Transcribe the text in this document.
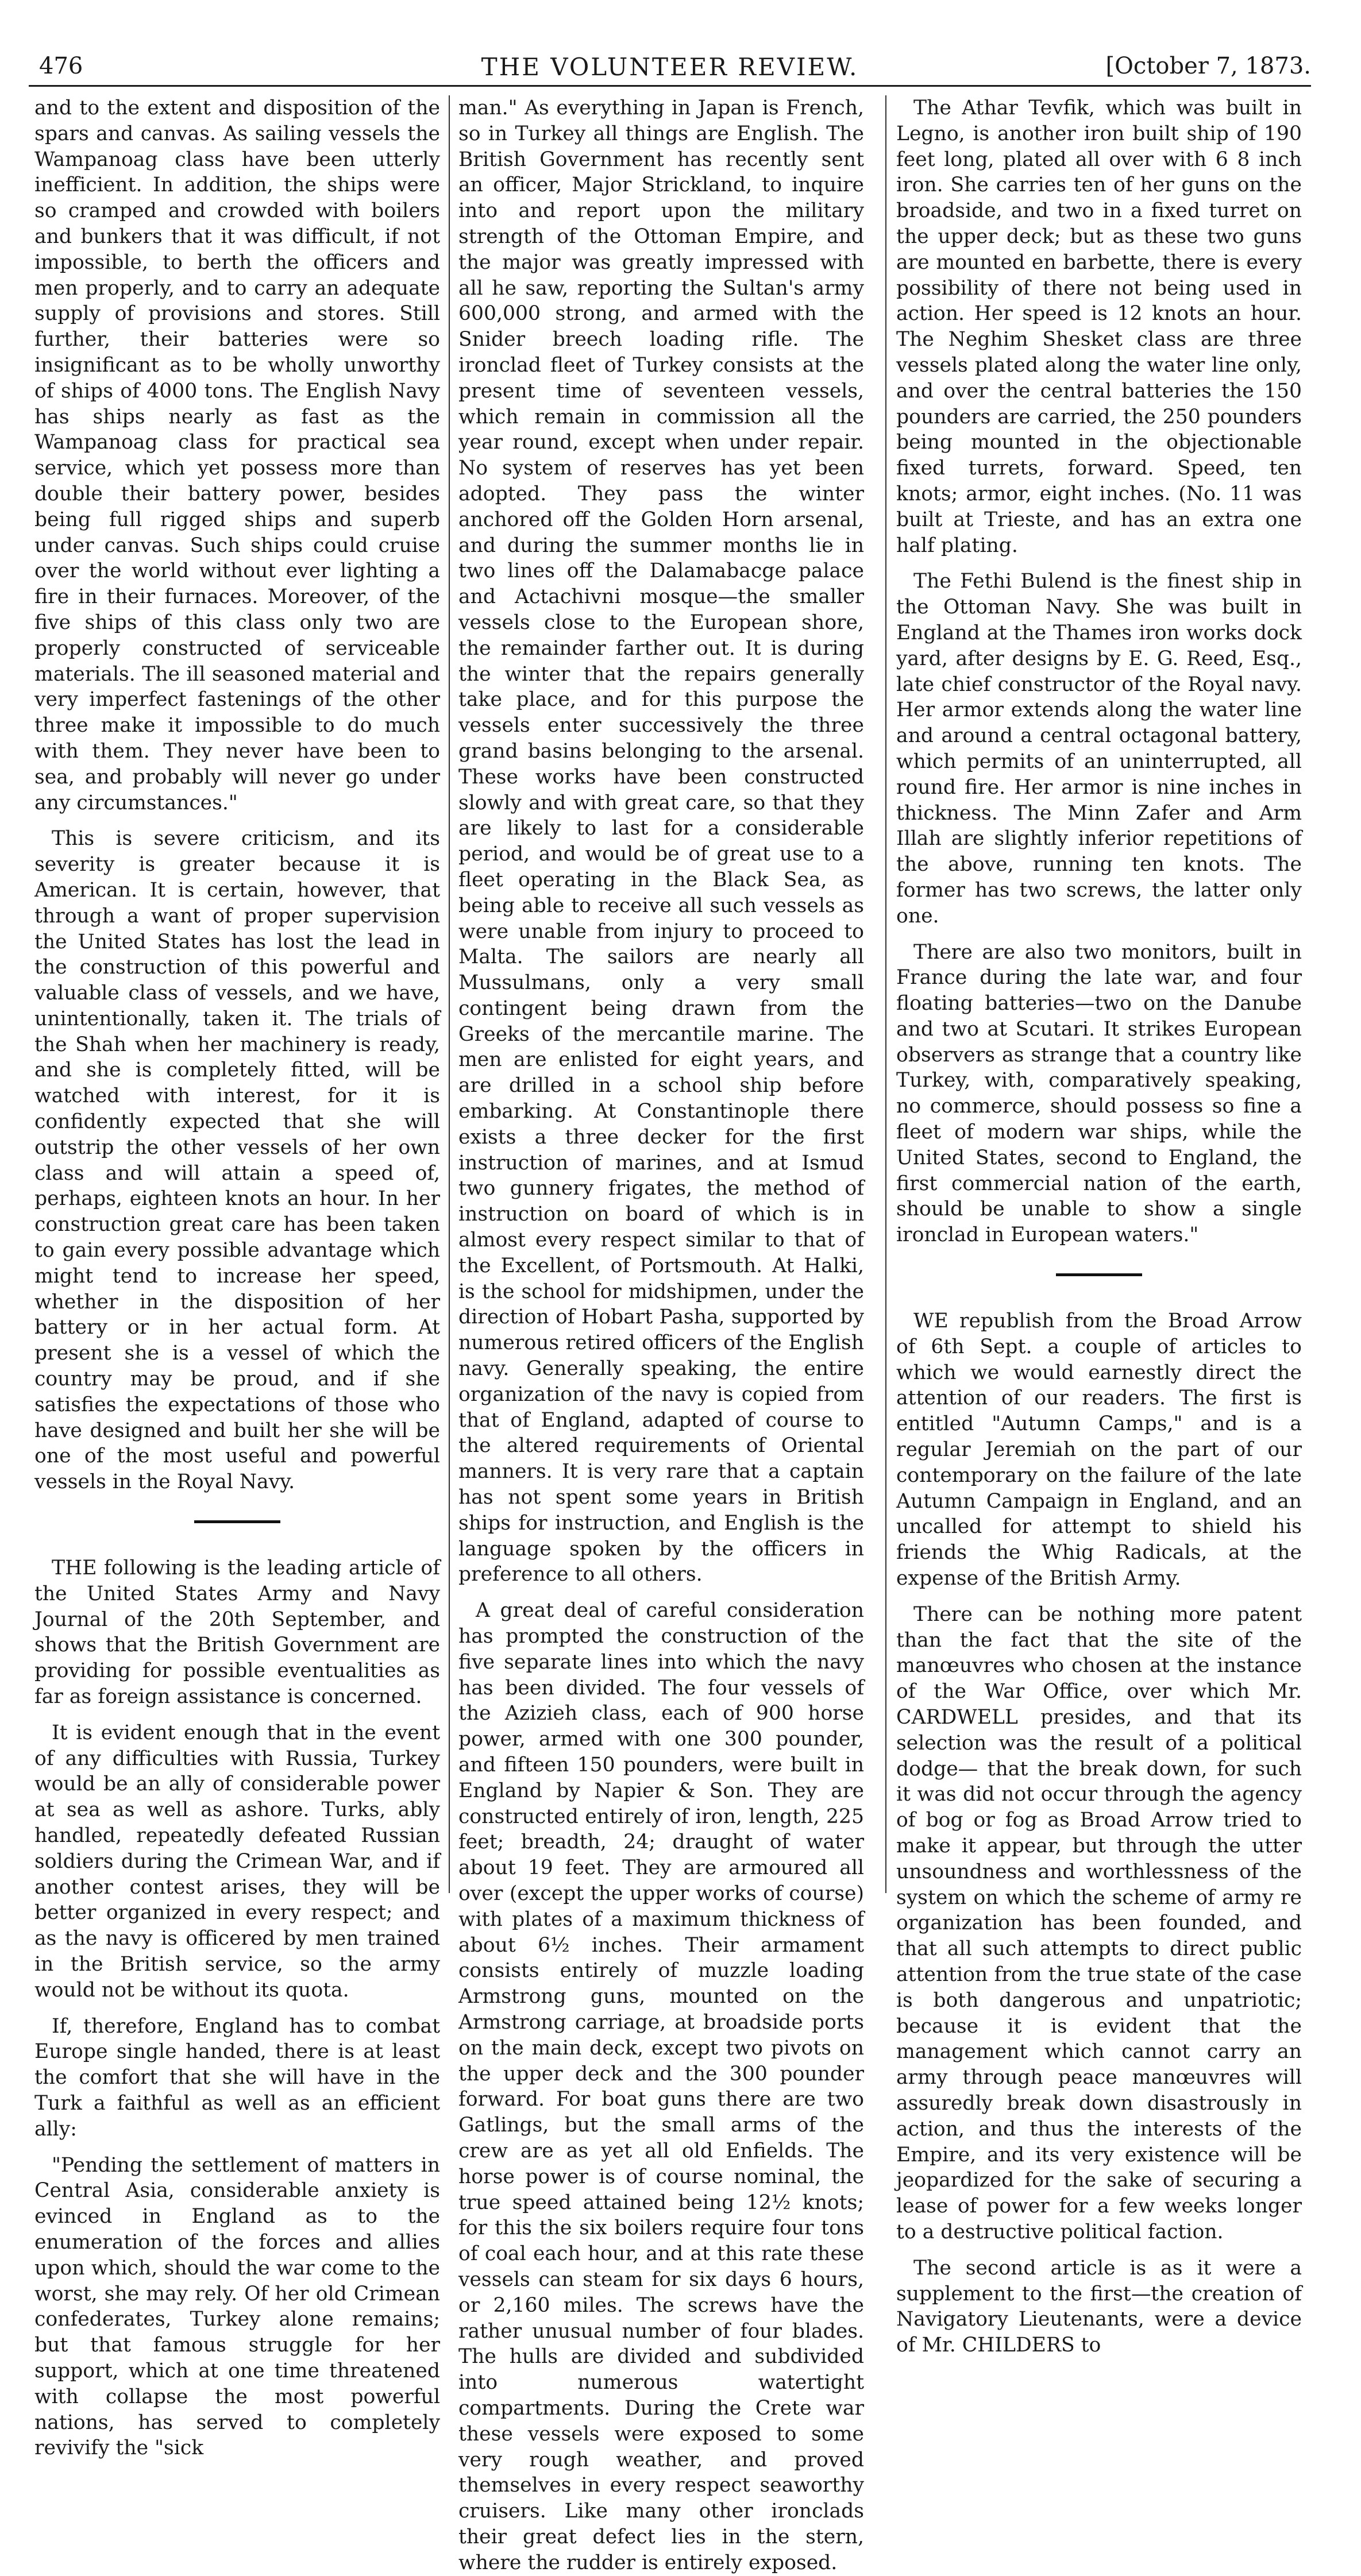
476	THE VOLUNTEER REVIEW.	[October 7, 1873.

and to the extent and disposition of the spars and canvas. As sailing vessels the Wampanoag class have been utterly inefficient. In addition, the ships were so cramped and crowded with boilers and bunkers that it was difficult, if not impossible, to berth the officers and men properly, and to carry an adequate supply of provisions and stores. Still further, their batteries were so insignificant as to be wholly unworthy of ships of 4000 tons. The English Navy has ships nearly as fast as the Wampanoag class for practical sea service, which yet possess more than double their battery power, besides being full rigged ships and superb under canvas. Such ships could cruise over the world without ever lighting a fire in their furnaces. Moreover, of the five ships of this class only two are properly constructed of serviceable materials. The ill seasoned material and very imperfect fastenings of the other three make it impossible to do much with them. They never have been to sea, and probably will never go under any circumstances."

This is severe criticism, and its severity is greater because it is American. It is certain, however, that through a want of proper supervision the United States has lost the lead in the construction of this powerful and valuable class of vessels, and we have, unintentionally, taken it. The trials of the Shah when her machinery is ready, and she is completely fitted, will be watched with interest, for it is confidently expected that she will outstrip the other vessels of her own class and will attain a speed of, perhaps, eighteen knots an hour. In her construction great care has been taken to gain every possible advantage which might tend to increase her speed, whether in the disposition of her battery or in her actual form. At present she is a vessel of which the country may be proud, and if she satisfies the expectations of those who have designed and built her she will be one of the most useful and powerful vessels in the Royal Navy.

THE following is the leading article of the United States Army and Navy Journal of the 20th September, and shows that the British Government are providing for possible eventualities as far as foreign assistance is concerned.

It is evident enough that in the event of any difficulties with Russia, Turkey would be an ally of considerable power at sea as well as ashore. Turks, ably handled, repeatedly defeated Russian soldiers during the Crimean War, and if another contest arises, they will be better organized in every respect; and as the navy is officered by men trained in the British service, so the army would not be without its quota.

If, therefore, England has to combat Europe single handed, there is at least the comfort that she will have in the Turk a faithful as well as an efficient ally:

"Pending the settlement of matters in Central Asia, considerable anxiety is evinced in England as to the enumeration of the forces and allies upon which, should the war come to the worst, she may rely. Of her old Crimean confederates, Turkey alone remains; but that famous struggle for her support, which at one time threatened with collapse the most powerful nations, has served to completely revivify the "sick

man." As everything in Japan is French, so in Turkey all things are English. The British Government has recently sent an officer, Major Strickland, to inquire into and report upon the military strength of the Ottoman Empire, and the major was greatly impressed with all he saw, reporting the Sultan's army 600,000 strong, and armed with the Snider breech loading rifle. The ironclad fleet of Turkey consists at the present time of seventeen vessels, which remain in commission all the year round, except when under repair. No system of reserves has yet been adopted. They pass the winter anchored off the Golden Horn arsenal, and during the summer months lie in two lines off the Dalamabacge palace and Actachivni mosque—the smaller vessels close to the European shore, the remainder farther out. It is during the winter that the repairs generally take place, and for this purpose the vessels enter successively the three grand basins belonging to the arsenal. These works have been constructed slowly and with great care, so that they are likely to last for a considerable period, and would be of great use to a fleet operating in the Black Sea, as being able to receive all such vessels as were unable from injury to proceed to Malta. The sailors are nearly all Mussulmans, only a very small contingent being drawn from the Greeks of the mercantile marine. The men are enlisted for eight years, and are drilled in a school ship before embarking. At Constantinople there exists a three decker for the first instruction of marines, and at Ismud two gunnery frigates, the method of instruction on board of which is in almost every respect similar to that of the Excellent, of Portsmouth. At Halki, is the school for midshipmen, under the direction of Hobart Pasha, supported by numerous retired officers of the English navy. Generally speaking, the entire organization of the navy is copied from that of England, adapted of course to the altered requirements of Oriental manners. It is very rare that a captain has not spent some years in British ships for instruction, and English is the language spoken by the officers in preference to all others.

A great deal of careful consideration has prompted the construction of the five separate lines into which the navy has been divided. The four vessels of the Azizieh class, each of 900 horse power, armed with one 300 pounder, and fifteen 150 pounders, were built in England by Napier & Son. They are constructed entirely of iron, length, 225 feet; breadth, 24; draught of water about 19 feet. They are armoured all over (except the upper works of course) with plates of a maximum thickness of about 6½ inches. Their armament consists entirely of muzzle loading Armstrong guns, mounted on the Armstrong carriage, at broadside ports on the main deck, except two pivots on the upper deck and the 300 pounder forward. For boat guns there are two Gatlings, but the small arms of the crew are as yet all old Enfields. The horse power is of course nominal, the true speed attained being 12½ knots; for this the six boilers require four tons of coal each hour, and at this rate these vessels can steam for six days 6 hours, or 2,160 miles. The screws have the rather unusual number of four blades. The hulls are divided and subdivided into numerous watertight compartments. During the Crete war these vessels were exposed to some very rough weather, and proved themselves in every respect seaworthy cruisers. Like many other ironclads their great defect lies in the stern, where the rudder is entirely exposed.

The Athar Tevfik, which was built in Legno, is another iron built ship of 190 feet long, plated all over with 6 8 inch iron. She carries ten of her guns on the broadside, and two in a fixed turret on the upper deck; but as these two guns are mounted en barbette, there is every possibility of there not being used in action. Her speed is 12 knots an hour. The Neghim Shesket class are three vessels plated along the water line only, and over the central batteries the 150 pounders are carried, the 250 pounders being mounted in the objectionable fixed turrets, forward. Speed, ten knots; armor, eight inches. (No. 11 was built at Trieste, and has an extra one half plating.

The Fethi Bulend is the finest ship in the Ottoman Navy. She was built in England at the Thames iron works dock yard, after designs by E. G. Reed, Esq., late chief constructor of the Royal navy. Her armor extends along the water line and around a central octagonal battery, which permits of an uninterrupted, all round fire. Her armor is nine inches in thickness. The Minn Zafer and Arm Illah are slightly inferior repetitions of the above, running ten knots. The former has two screws, the latter only one.

There are also two monitors, built in France during the late war, and four floating batteries—two on the Danube and two at Scutari. It strikes European observers as strange that a country like Turkey, with, comparatively speaking, no commerce, should possess so fine a fleet of modern war ships, while the United States, second to England, the first commercial nation of the earth, should be unable to show a single ironclad in European waters."

WE republish from the Broad Arrow of 6th Sept. a couple of articles to which we would earnestly direct the attention of our readers. The first is entitled "Autumn Camps," and is a regular Jeremiah on the part of our contemporary on the failure of the late Autumn Campaign in England, and an uncalled for attempt to shield his friends the Whig Radicals, at the expense of the British Army.

There can be nothing more patent than the fact that the site of the manœuvres who chosen at the instance of the War Office, over which Mr. CARDWELL presides, and that its selection was the result of a political dodge— that the break down, for such it was did not occur through the agency of bog or fog as Broad Arrow tried to make it appear, but through the utter unsoundness and worthlessness of the system on which the scheme of army re organization has been founded, and that all such attempts to direct public attention from the true state of the case is both dangerous and unpatriotic; because it is evident that the management which cannot carry an army through peace manœuvres will assuredly break down disastrously in action, and thus the interests of the Empire, and its very existence will be jeopardized for the sake of securing a lease of power for a few weeks longer to a destructive political faction.

The second article is as it were a supplement to the first—the creation of Navigatory Lieutenants, were a device of Mr. CHILDERS to
